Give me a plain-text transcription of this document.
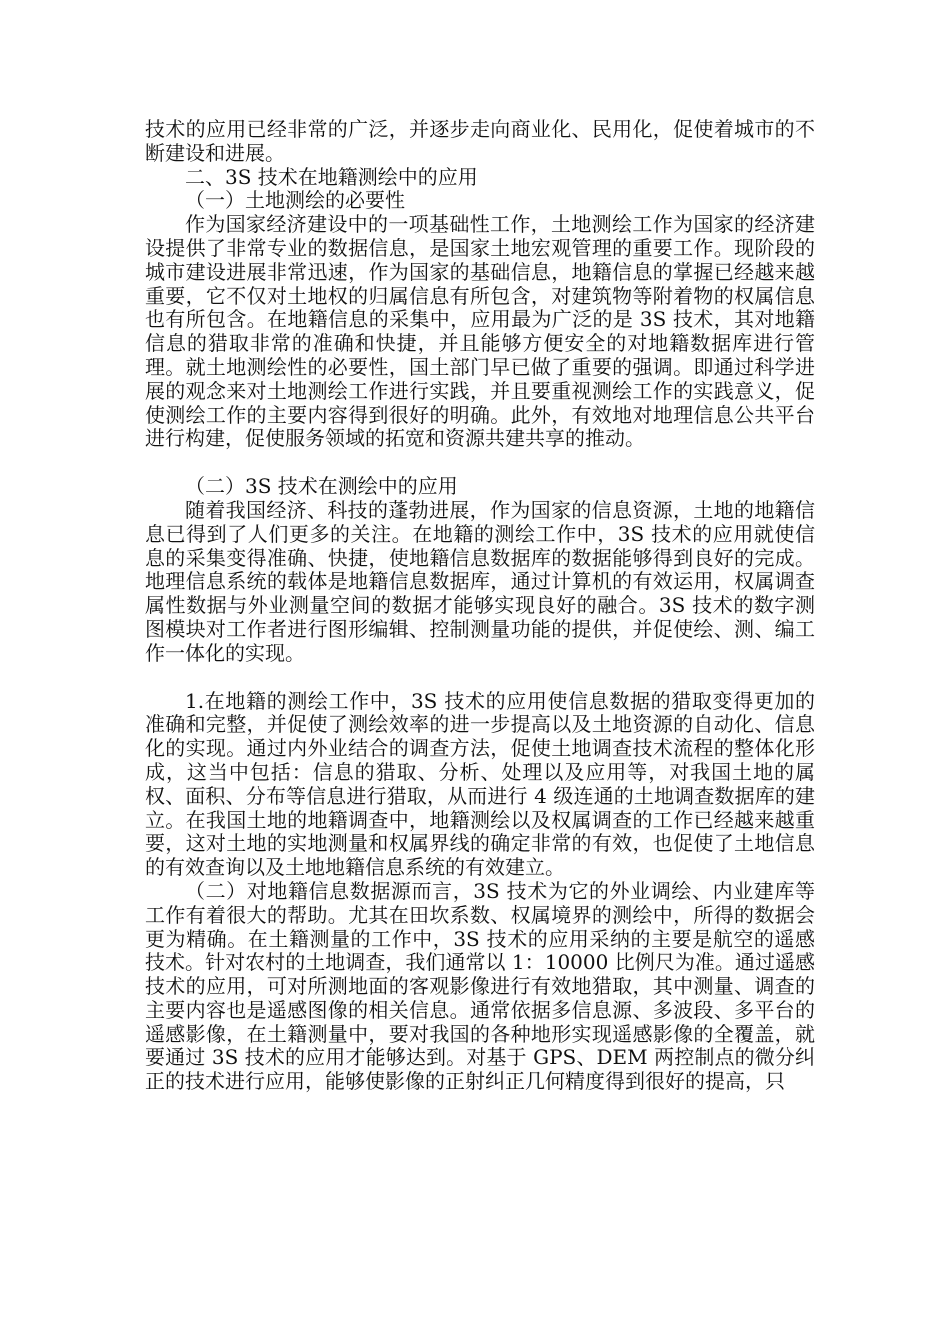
技术的应用已经非常的广泛，并逐步走向商业化、民用化，促使着城市的不断建设和进展。

二、3S 技术在地籍测绘中的应用

（一）土地测绘的必要性

作为国家经济建设中的一项基础性工作，土地测绘工作为国家的经济建设提供了非常专业的数据信息，是国家土地宏观管理的重要工作。现阶段的城市建设进展非常迅速，作为国家的基础信息，地籍信息的掌握已经越来越重要，它不仅对土地权的归属信息有所包含，对建筑物等附着物的权属信息也有所包含。在地籍信息的采集中，应用最为广泛的是 3S 技术，其对地籍信息的猎取非常的准确和快捷，并且能够方便安全的对地籍数据库进行管理。就土地测绘性的必要性，国土部门早已做了重要的强调。即通过科学进展的观念来对土地测绘工作进行实践，并且要重视测绘工作的实践意义，促使测绘工作的主要内容得到很好的明确。此外，有效地对地理信息公共平台进行构建，促使服务领域的拓宽和资源共建共享的推动。

（二）3S 技术在测绘中的应用

随着我国经济、科技的蓬勃进展，作为国家的信息资源，土地的地籍信息已得到了人们更多的关注。在地籍的测绘工作中，3S 技术的应用就使信息的采集变得准确、快捷，使地籍信息数据库的数据能够得到良好的完成。地理信息系统的载体是地籍信息数据库，通过计算机的有效运用，权属调查属性数据与外业测量空间的数据才能够实现良好的融合。3S 技术的数字测图模块对工作者进行图形编辑、控制测量功能的提供，并促使绘、测、编工作一体化的实现。

1.在地籍的测绘工作中，3S 技术的应用使信息数据的猎取变得更加的准确和完整，并促使了测绘效率的进一步提高以及土地资源的自动化、信息化的实现。通过内外业结合的调查方法，促使土地调查技术流程的整体化形成，这当中包括：信息的猎取、分析、处理以及应用等，对我国土地的属权、面积、分布等信息进行猎取，从而进行 4 级连通的土地调查数据库的建立。在我国土地的地籍调查中，地籍测绘以及权属调查的工作已经越来越重要，这对土地的实地测量和权属界线的确定非常的有效，也促使了土地信息的有效查询以及土地地籍信息系统的有效建立。

（二）对地籍信息数据源而言，3S 技术为它的外业调绘、内业建库等工作有着很大的帮助。尤其在田坎系数、权属境界的测绘中，所得的数据会更为精确。在土籍测量的工作中，3S 技术的应用采纳的主要是航空的遥感技术。针对农村的土地调查，我们通常以 1：10000 比例尺为准。通过遥感技术的应用，可对所测地面的客观影像进行有效地猎取，其中测量、调查的主要内容也是遥感图像的相关信息。通常依据多信息源、多波段、多平台的遥感影像，在土籍测量中，要对我国的各种地形实现遥感影像的全覆盖，就要通过 3S 技术的应用才能够达到。对基于 GPS、DEM 两控制点的微分纠正的技术进行应用，能够使影像的正射纠正几何精度得到很好的提高，只
